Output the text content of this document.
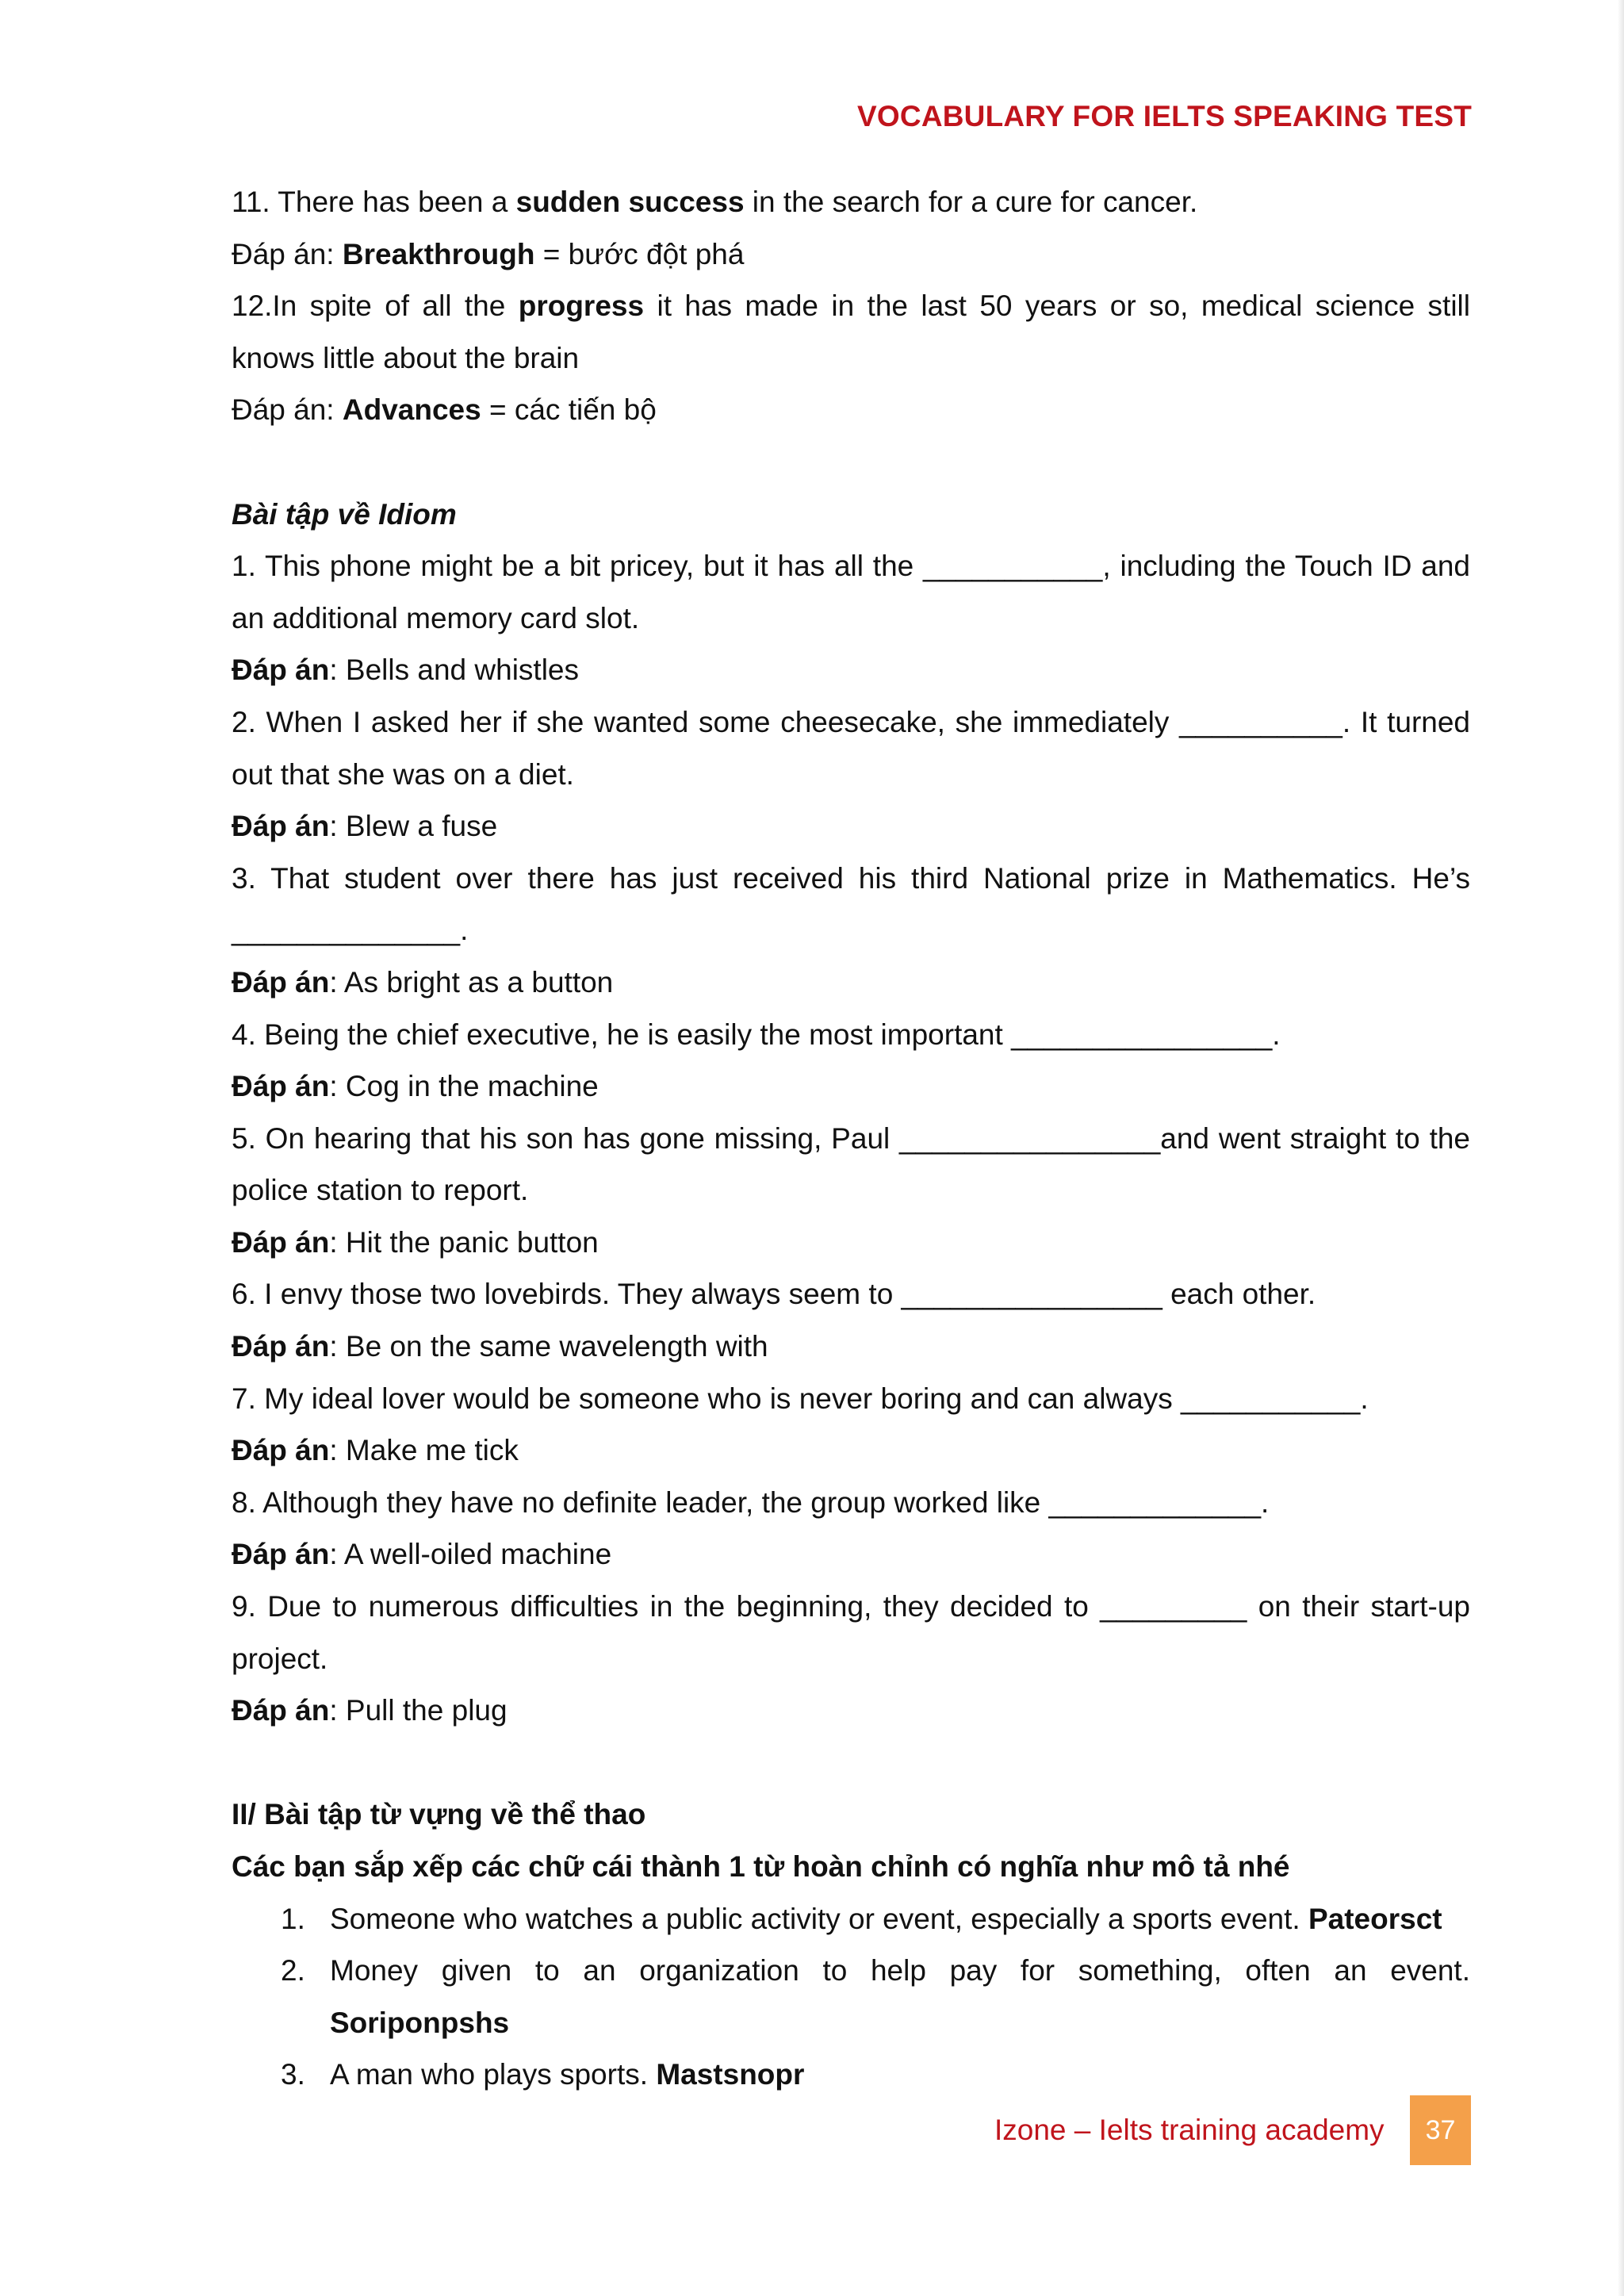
VOCABULARY FOR IELTS SPEAKING TEST

11. There has been a sudden success in the search for a cure for cancer.

Đáp án: Breakthrough = bước đột phá

12.In spite of all the progress it has made in the last 50 years or so, medical science still knows little about the brain

Đáp án: Advances = các tiến bộ

Bài tập về Idiom

1. This phone might be a bit pricey, but it has all the ___________, including the Touch ID and an additional memory card slot.

Đáp án: Bells and whistles

2. When I asked her if she wanted some cheesecake, she immediately __________. It turned out that she was on a diet.

Đáp án: Blew a fuse

3. That student over there has just received his third National prize in Mathematics. He’s ______________.

Đáp án: As bright as a button

4. Being the chief executive, he is easily the most important ________________.

Đáp án: Cog in the machine

5. On hearing that his son has gone missing, Paul ________________and went straight to the police station to report.

Đáp án: Hit the panic button

6. I envy those two lovebirds. They always seem to ________________ each other.

Đáp án: Be on the same wavelength with

7. My ideal lover would be someone who is never boring and can always ___________.

Đáp án: Make me tick

8. Although they have no definite leader, the group worked like _____________.

Đáp án: A well-oiled machine

9. Due to numerous difficulties in the beginning, they decided to _________ on their start-up project.

Đáp án: Pull the plug

II/ Bài tập từ vựng về thể thao

Các bạn sắp xếp các chữ cái thành 1 từ hoàn chỉnh có nghĩa như mô tả nhé

1. Someone who watches a public activity or event, especially a sports event. Pateorsct
2. Money given to an organization to help pay for something, often an event. Soriponpshs
3. A man who plays sports. Mastsnopr
Izone – Ielts training academy	37
